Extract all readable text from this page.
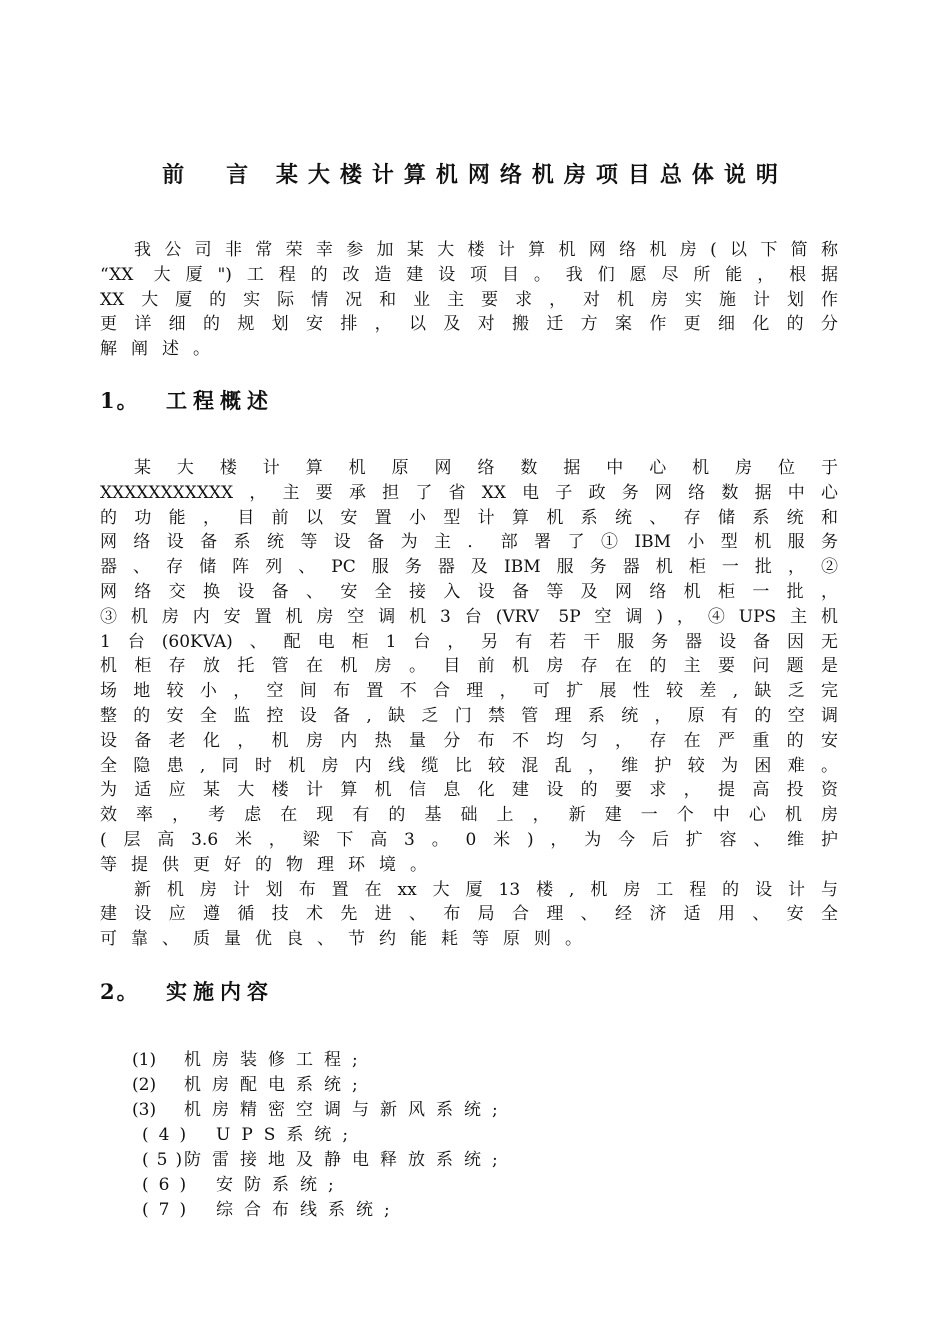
前　言 某大楼计算机网络机房项目总体说明
我公司非常荣幸参加某大楼计算机网络机房(以下简称
“XX 大厦")工程的改造建设项目。我们愿尽所能，根据
XX大厦的实际情况和业主要求，对机房实施计划作
更详细的规划安排，以及对搬迁方案作更细化的分
解阐述。
1。 工程概述
某大楼计算机原网络数据中心机房位于
XXXXXXXXXXX，主要承担了省XX电子政务网络数据中心
的功能，目前以安置小型计算机系统、存储系统和
网络设备系统等设备为主．部署了①IBM小型机服务
器、存储阵列、PC服务器及IBM服务器机柜一批，②
网络交换设备、安全接入设备等及网络机柜一批，
③机房内安置机房空调机3台(VRV 5P空调)，④UPS主机
1台(60KVA)、配电柜1台，另有若干服务器设备因无
机柜存放托管在机房。目前机房存在的主要问题是
场地较小，空间布置不合理，可扩展性较差,缺乏完
整的安全监控设备,缺乏门禁管理系统，原有的空调
设备老化，机房内热量分布不均匀，存在严重的安
全隐患,同时机房内线缆比较混乱，维护较为困难。
为适应某大楼计算机信息化建设的要求，提高投资
效率，考虑在现有的基础上，新建一个中心机房
(层高3.6米，梁下高3。0米)，为今后扩容、维护
等提供更好的物理环境。
新机房计划布置在xx大厦13楼,机房工程的设计与
建设应遵循技术先进、布局合理、经济适用、安全
可靠、质量优良、节约能耗等原则。
2。 实施内容
(1) 机房装修工程;
(2) 机房配电系统;
(3) 机房精密空调与新风系统;
(4) UPS系统;
(5)防雷接地及静电释放系统;
(6) 安防系统;
(7) 综合布线系统;
